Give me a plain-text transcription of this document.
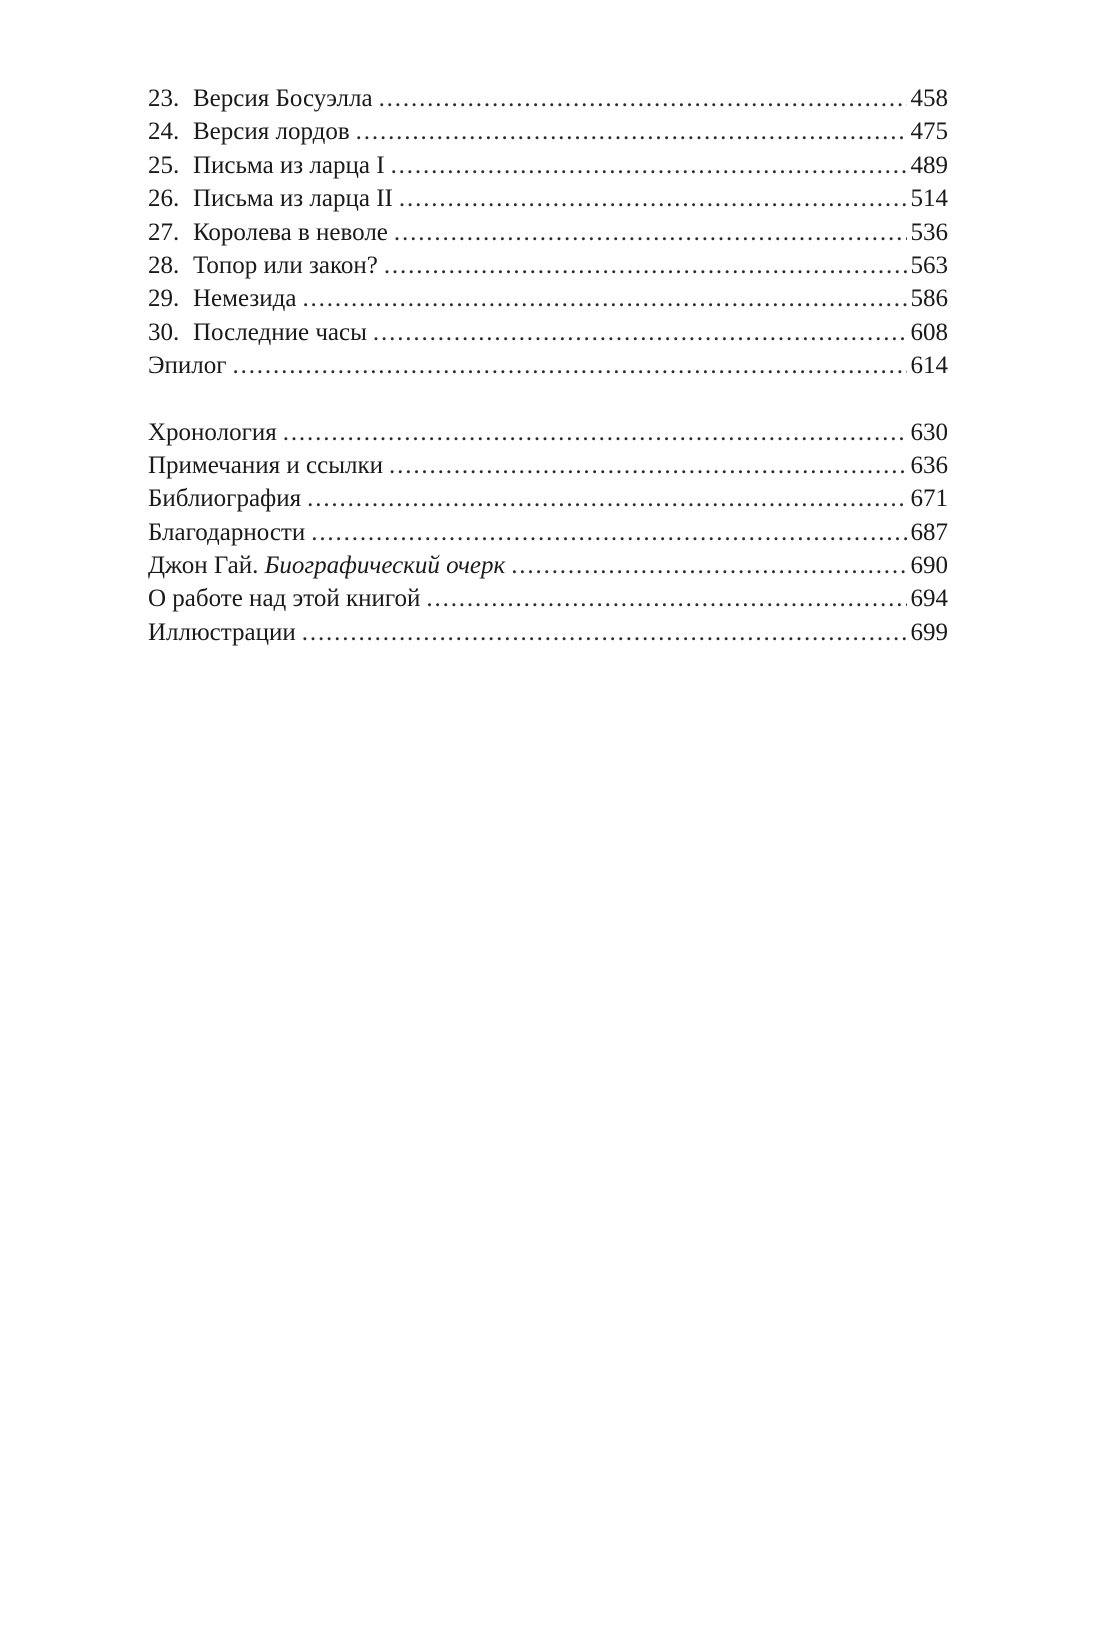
23. Версия Босуэлла . . .	458
24. Версия лордов . . .	475
25. Письма из ларца I . . .	489
26. Письма из ларца II . . .	514
27. Королева в неволе . . .	536
28. Топор или закон? . . .	563
29. Немезида . . .	586
30. Последние часы . . .	608
Эпилог . . .	614
Хронология . . .	630
Примечания и ссылки . . .	636
Библиография . . .	671
Благодарности . . .	687
Джон Гай. Биографический очерк . . .	690
О работе над этой книгой . . .	694
Иллюстрации . . .	699
